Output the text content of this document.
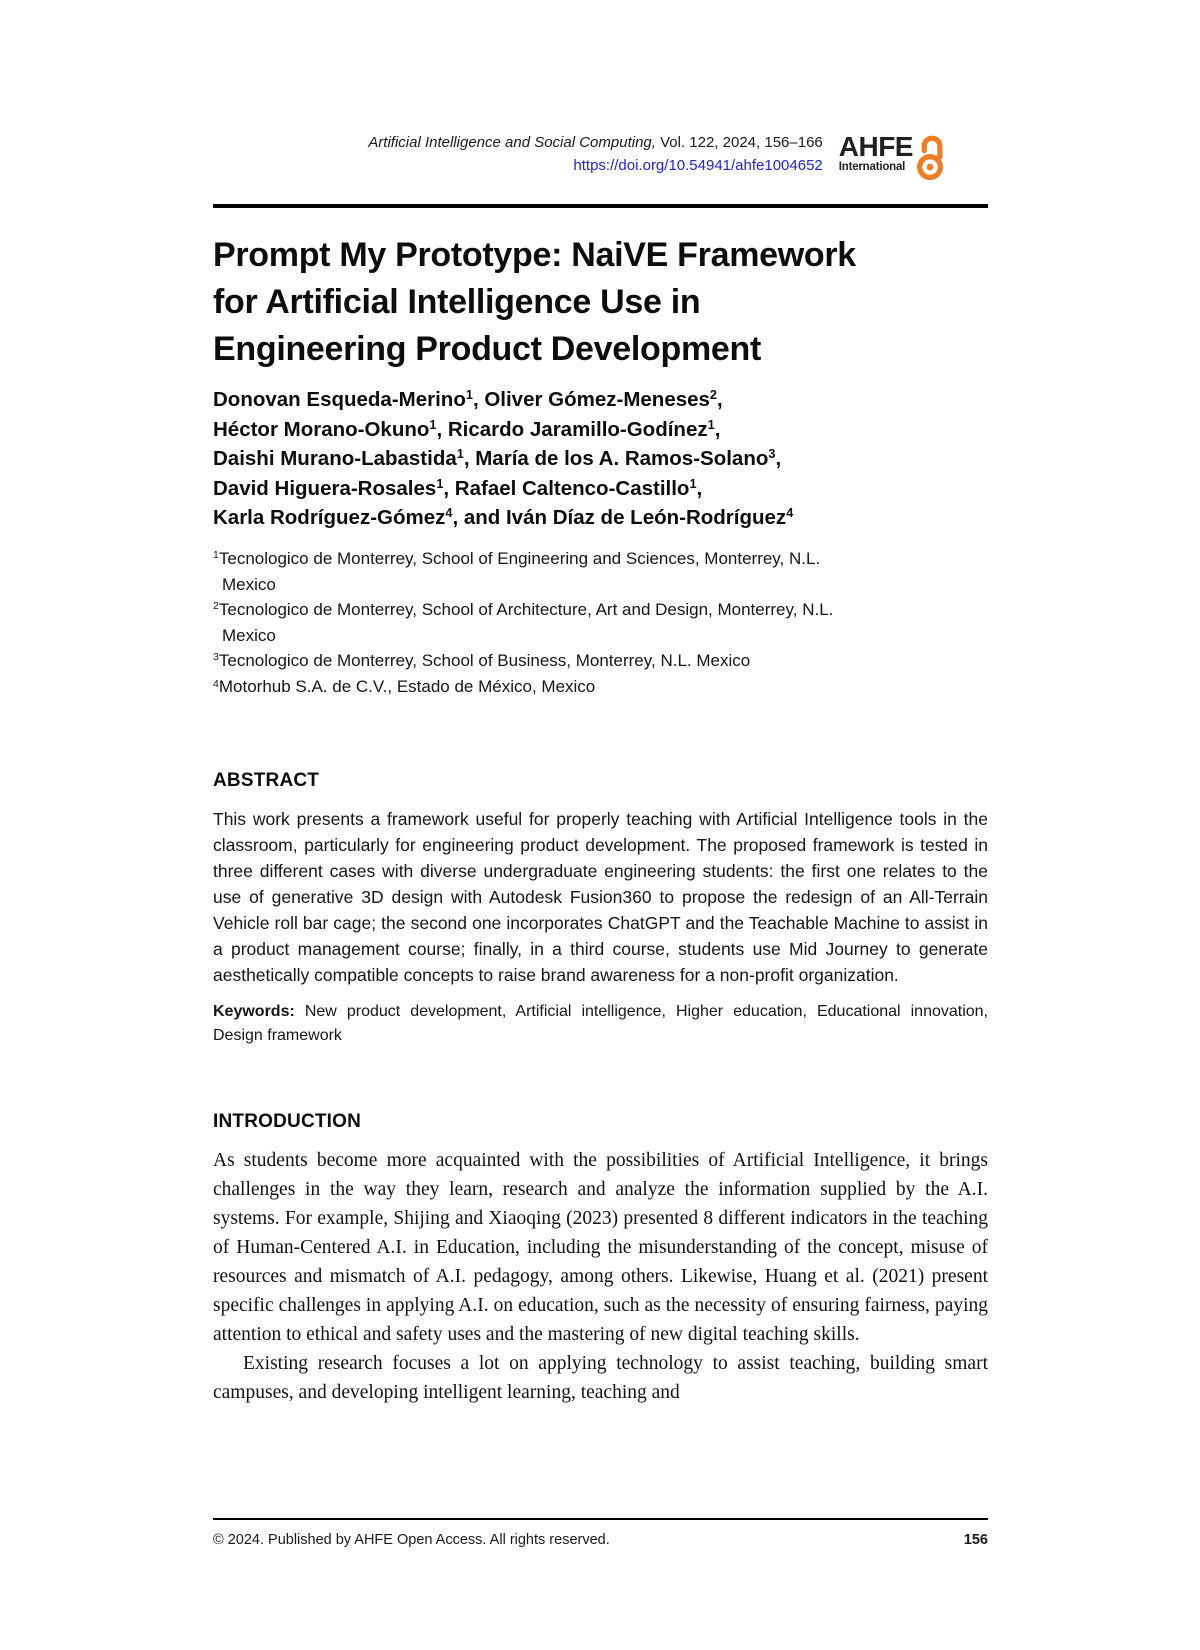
Artificial Intelligence and Social Computing, Vol. 122, 2024, 156–166
https://doi.org/10.54941/ahfe1004652
AHFE
International
Prompt My Prototype: NaiVE Framework
for Artificial Intelligence Use in
Engineering Product Development
Donovan Esqueda-Merino$^1$, Oliver Gómez-Meneses$^2$,
Héctor Morano-Okuno$^1$, Ricardo Jaramillo-Godínez$^1$,
Daishi Murano-Labastida$^1$, María de los A. Ramos-Solano$^3$,
David Higuera-Rosales$^1$, Rafael Caltenco-Castillo$^1$,
Karla Rodríguez-Gómez$^4$, and Iván Díaz de León-Rodríguez$^4$
$^1$Tecnologico de Monterrey, School of Engineering and Sciences, Monterrey, N.L.
Mexico
$^2$Tecnologico de Monterrey, School of Architecture, Art and Design, Monterrey, N.L.
Mexico
$^3$Tecnologico de Monterrey, School of Business, Monterrey, N.L. Mexico
$^4$Motorhub S.A. de C.V., Estado de México, Mexico
ABSTRACT
This work presents a framework useful for properly teaching with Artificial Intelligence tools in the classroom, particularly for engineering product development. The proposed framework is tested in three different cases with diverse undergraduate engineering students: the first one relates to the use of generative 3D design with Autodesk Fusion360 to propose the redesign of an All-Terrain Vehicle roll bar cage; the second one incorporates ChatGPT and the Teachable Machine to assist in a product management course; finally, in a third course, students use Mid Journey to generate aesthetically compatible concepts to raise brand awareness for a non-profit organization.
Keywords: New product development, Artificial intelligence, Higher education, Educational innovation, Design framework
INTRODUCTION
As students become more acquainted with the possibilities of Artificial Intelligence, it brings challenges in the way they learn, research and analyze the information supplied by the A.I. systems. For example, Shijing and Xiaoqing (2023) presented 8 different indicators in the teaching of Human-Centered A.I. in Education, including the misunderstanding of the concept, misuse of resources and mismatch of A.I. pedagogy, among others. Likewise, Huang et al. (2021) present specific challenges in applying A.I. on education, such as the necessity of ensuring fairness, paying attention to ethical and safety uses and the mastering of new digital teaching skills.
Existing research focuses a lot on applying technology to assist teaching, building smart campuses, and developing intelligent learning, teaching and
© 2024. Published by AHFE Open Access. All rights reserved.	156
